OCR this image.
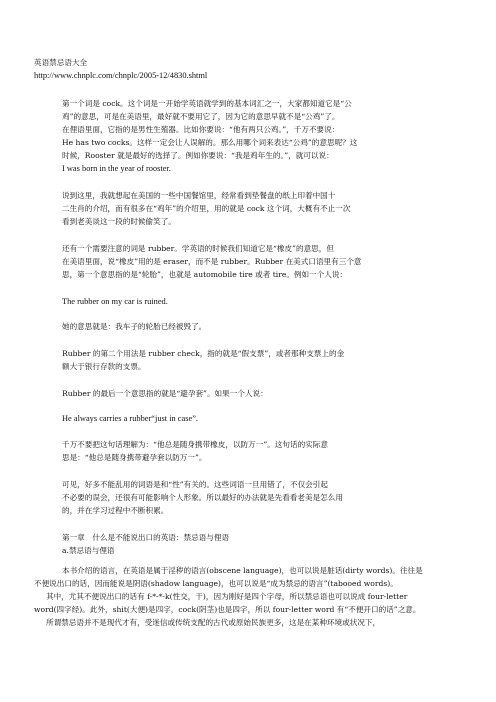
英语禁忌语大全
http://www.chnplc.com/chnplc/2005-12/4830.shtml
第一个词是 cock。这个词是一开始学英语就学到的基本词汇之一，大家都知道它是“公
鸡”的意思，可是在美语里，最好就不要用它了，因为它的意思早就不是“公鸡”了。
在俚语里面，它指的是男性生殖器。比如你要说：“他有两只公鸡。”，千万不要说：
He has two cocks。这样一定会让人误解的。那么用哪个词来表达“公鸡”的意思呢？这
时候，Rooster 就是最好的选择了。例如你要说：“我是鸡年生的。”，就可以说：
I was born in the year of rooster.
说到这里，我就想起在美国的一些中国餐馆里，经常看到垫餐盘的纸上印着中国十
二生肖的介绍，而有很多在“鸡年”的介绍里，用的就是 cock 这个词，大概有不止一次
看到老美谈这一段的时候偷笑了。
还有一个需要注意的词是 rubber。学英语的时候我们知道它是“橡皮”的意思，但
在美语里面，说“橡皮”用的是 eraser，而不是 rubber。Rubber 在美式口语里有三个意
思，第一个意思指的是“轮胎”，也就是 automobile tire 或者 tire。例如一个人说：
The rubber on my car is ruined.
她的意思就是：我车子的轮胎已经被毁了。
Rubber 的第二个用法是 rubber check，指的就是“假支票”，或者那种支票上的金
额大于银行存款的支票。
Rubber 的最后一个意思指的就是“避孕套”。如果一个人说：
He always carries a rubber“just in case”.
千万不要把这句话理解为：“他总是随身携带橡皮，以防万一”。这句话的实际意
思是：“他总是随身携带避孕套以防万一”。
可见，好多不能乱用的词语是和“性”有关的。这些词语一旦用错了，不仅会引起
不必要的误会，还很有可能影响个人形象。所以最好的办法就是先看看老美是怎么用
的，并在学习过程中不断积累。
第一章　什么是不能说出口的英语：禁忌语与俚语
a.禁忌语与俚语
本书介绍的语言，在英语是属于淫秽的语言(obscene language)，也可以说是脏话(dirty words)。往往是
不便说出口的话，因而能说是阴语(shadow language)，也可以说是“成为禁忌的语言”(tabooed words)。
其中，尤其不便说出口的话有 f-*-*-k(性交，干)，因为刚好是四个字母，所以禁忌语也可以说成 four-letter
word(四字经)。此外，shit(大便)是四字，cock(阴茎)也是四字，所以 four-letter word 有“不便开口的话”之意。
所谓禁忌语并不是现代才有，受迷信或传统支配的古代或原始民族更多，这是在某种环境或状况下，
